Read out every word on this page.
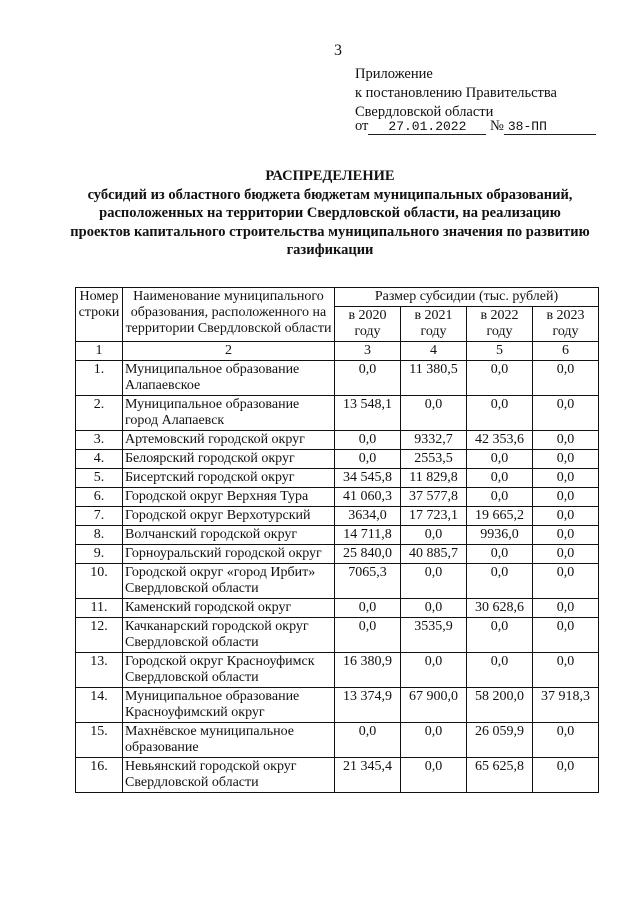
3
Приложение
к постановлению Правительства
Свердловской области
от 27.01.2022 № 38-ПП
РАСПРЕДЕЛЕНИЕ
субсидий из областного бюджета бюджетам муниципальных образований, расположенных на территории Свердловской области, на реализацию проектов капитального строительства муниципального значения по развитию газификации
Номер строки	Наименование муниципального образования, расположенного на территории Свердловской области	Размер субсидии (тыс. рублей)			
		в 2020 году	в 2021 году	в 2022 году	в 2023 году
1	2	3	4	5	6
1.	Муниципальное образование Алапаевское	0,0	11 380,5	0,0	0,0
2.	Муниципальное образование город Алапаевск	13 548,1	0,0	0,0	0,0
3.	Артемовский городской округ	0,0	9332,7	42 353,6	0,0
4.	Белоярский городской округ	0,0	2553,5	0,0	0,0
5.	Бисертский городской округ	34 545,8	11 829,8	0,0	0,0
6.	Городской округ Верхняя Тура	41 060,3	37 577,8	0,0	0,0
7.	Городской округ Верхотурский	3634,0	17 723,1	19 665,2	0,0
8.	Волчанский городской округ	14 711,8	0,0	9936,0	0,0
9.	Горноуральский городской округ	25 840,0	40 885,7	0,0	0,0
10.	Городской округ «город Ирбит» Свердловской области	7065,3	0,0	0,0	0,0
11.	Каменский городской округ	0,0	0,0	30 628,6	0,0
12.	Качканарский городской округ Свердловской области	0,0	3535,9	0,0	0,0
13.	Городской округ Красноуфимск Свердловской области	16 380,9	0,0	0,0	0,0
14.	Муниципальное образование Красноуфимский округ	13 374,9	67 900,0	58 200,0	37 918,3
15.	Махнёвское муниципальное образование	0,0	0,0	26 059,9	0,0
16.	Невьянский городской округ Свердловской области	21 345,4	0,0	65 625,8	0,0
